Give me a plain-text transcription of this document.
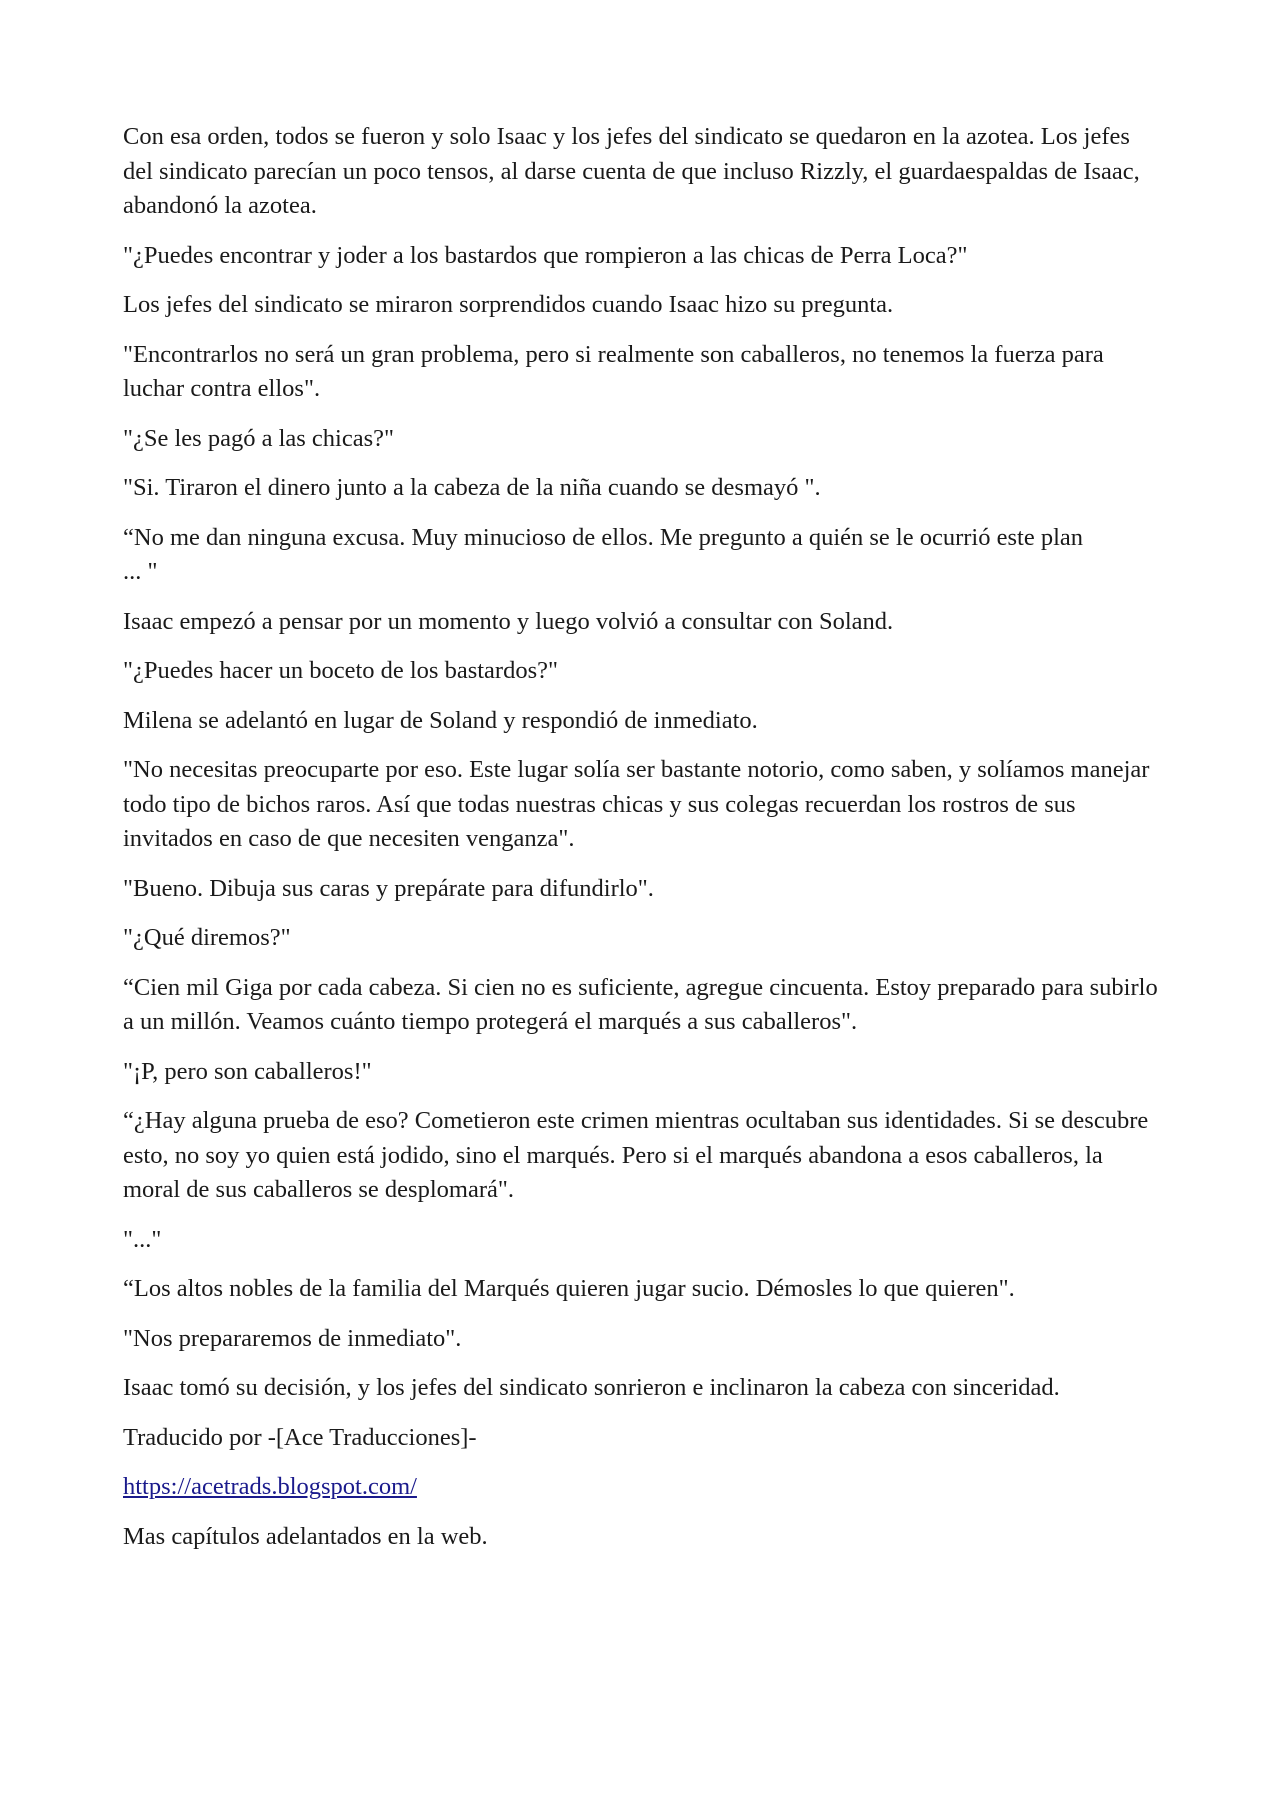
Con esa orden, todos se fueron y solo Isaac y los jefes del sindicato se quedaron en la azotea. Los jefes del sindicato parecían un poco tensos, al darse cuenta de que incluso Rizzly, el guardaespaldas de Isaac, abandonó la azotea.

"¿Puedes encontrar y joder a los bastardos que rompieron a las chicas de Perra Loca?"

Los jefes del sindicato se miraron sorprendidos cuando Isaac hizo su pregunta.

"Encontrarlos no será un gran problema, pero si realmente son caballeros, no tenemos la fuerza para luchar contra ellos".

"¿Se les pagó a las chicas?"

"Si. Tiraron el dinero junto a la cabeza de la niña cuando se desmayó ".

“No me dan ninguna excusa. Muy minucioso de ellos. Me pregunto a quién se le ocurrió este plan ... "

Isaac empezó a pensar por un momento y luego volvió a consultar con Soland.

"¿Puedes hacer un boceto de los bastardos?"

Milena se adelantó en lugar de Soland y respondió de inmediato.

"No necesitas preocuparte por eso. Este lugar solía ser bastante notorio, como saben, y solíamos manejar todo tipo de bichos raros. Así que todas nuestras chicas y sus colegas recuerdan los rostros de sus invitados en caso de que necesiten venganza".

"Bueno. Dibuja sus caras y prepárate para difundirlo".

"¿Qué diremos?"

“Cien mil Giga por cada cabeza. Si cien no es suficiente, agregue cincuenta. Estoy preparado para subirlo a un millón. Veamos cuánto tiempo protegerá el marqués a sus caballeros".

"¡P, pero son caballeros!"

“¿Hay alguna prueba de eso? Cometieron este crimen mientras ocultaban sus identidades. Si se descubre esto, no soy yo quien está jodido, sino el marqués. Pero si el marqués abandona a esos caballeros, la moral de sus caballeros se desplomará".

"..."

“Los altos nobles de la familia del Marqués quieren jugar sucio. Démosles lo que quieren".

"Nos prepararemos de inmediato".

Isaac tomó su decisión, y los jefes del sindicato sonrieron e inclinaron la cabeza con sinceridad.

Traducido por -[Ace Traducciones]-

https://acetrads.blogspot.com/

Mas capítulos adelantados en la web.
